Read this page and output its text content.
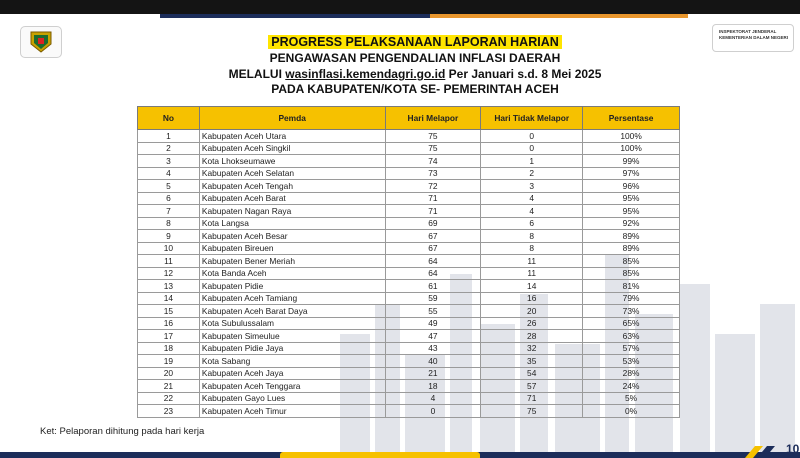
INSPEKTORAT JENDERAL
KEMENTERIAN DALAM NEGERI
PROGRESS PELAKSANAAN LAPORAN HARIAN
PENGAWASAN PENGENDALIAN INFLASI DAERAH
MELALUI wasinflasi.kemendagri.go.id Per Januari s.d. 8 Mei 2025
PADA KABUPATEN/KOTA SE- PEMERINTAH ACEH
No	Pemda	Hari Melapor	Hari Tidak Melapor	Persentase
1	Kabupaten Aceh Utara	75	0	100%
2	Kabupaten Aceh Singkil	75	0	100%
3	Kota Lhokseumawe	74	1	99%
4	Kabupaten Aceh Selatan	73	2	97%
5	Kabupaten Aceh Tengah	72	3	96%
6	Kabupaten Aceh Barat	71	4	95%
7	Kabupaten Nagan Raya	71	4	95%
8	Kota Langsa	69	6	92%
9	Kabupaten Aceh Besar	67	8	89%
10	Kabupaten Bireuen	67	8	89%
11	Kabupaten Bener Meriah	64	11	85%
12	Kota Banda Aceh	64	11	85%
13	Kabupaten Pidie	61	14	81%
14	Kabupaten Aceh Tamiang	59	16	79%
15	Kabupaten Aceh Barat Daya	55	20	73%
16	Kota Subulussalam	49	26	65%
17	Kabupaten Simeulue	47	28	63%
18	Kabupaten Pidie Jaya	43	32	57%
19	Kota Sabang	40	35	53%
20	Kabupaten Aceh Jaya	21	54	28%
21	Kabupaten Aceh Tenggara	18	57	24%
22	Kabupaten Gayo Lues	4	71	5%
23	Kabupaten Aceh Timur	0	75	0%
Ket: Pelaporan dihitung pada hari kerja
10
